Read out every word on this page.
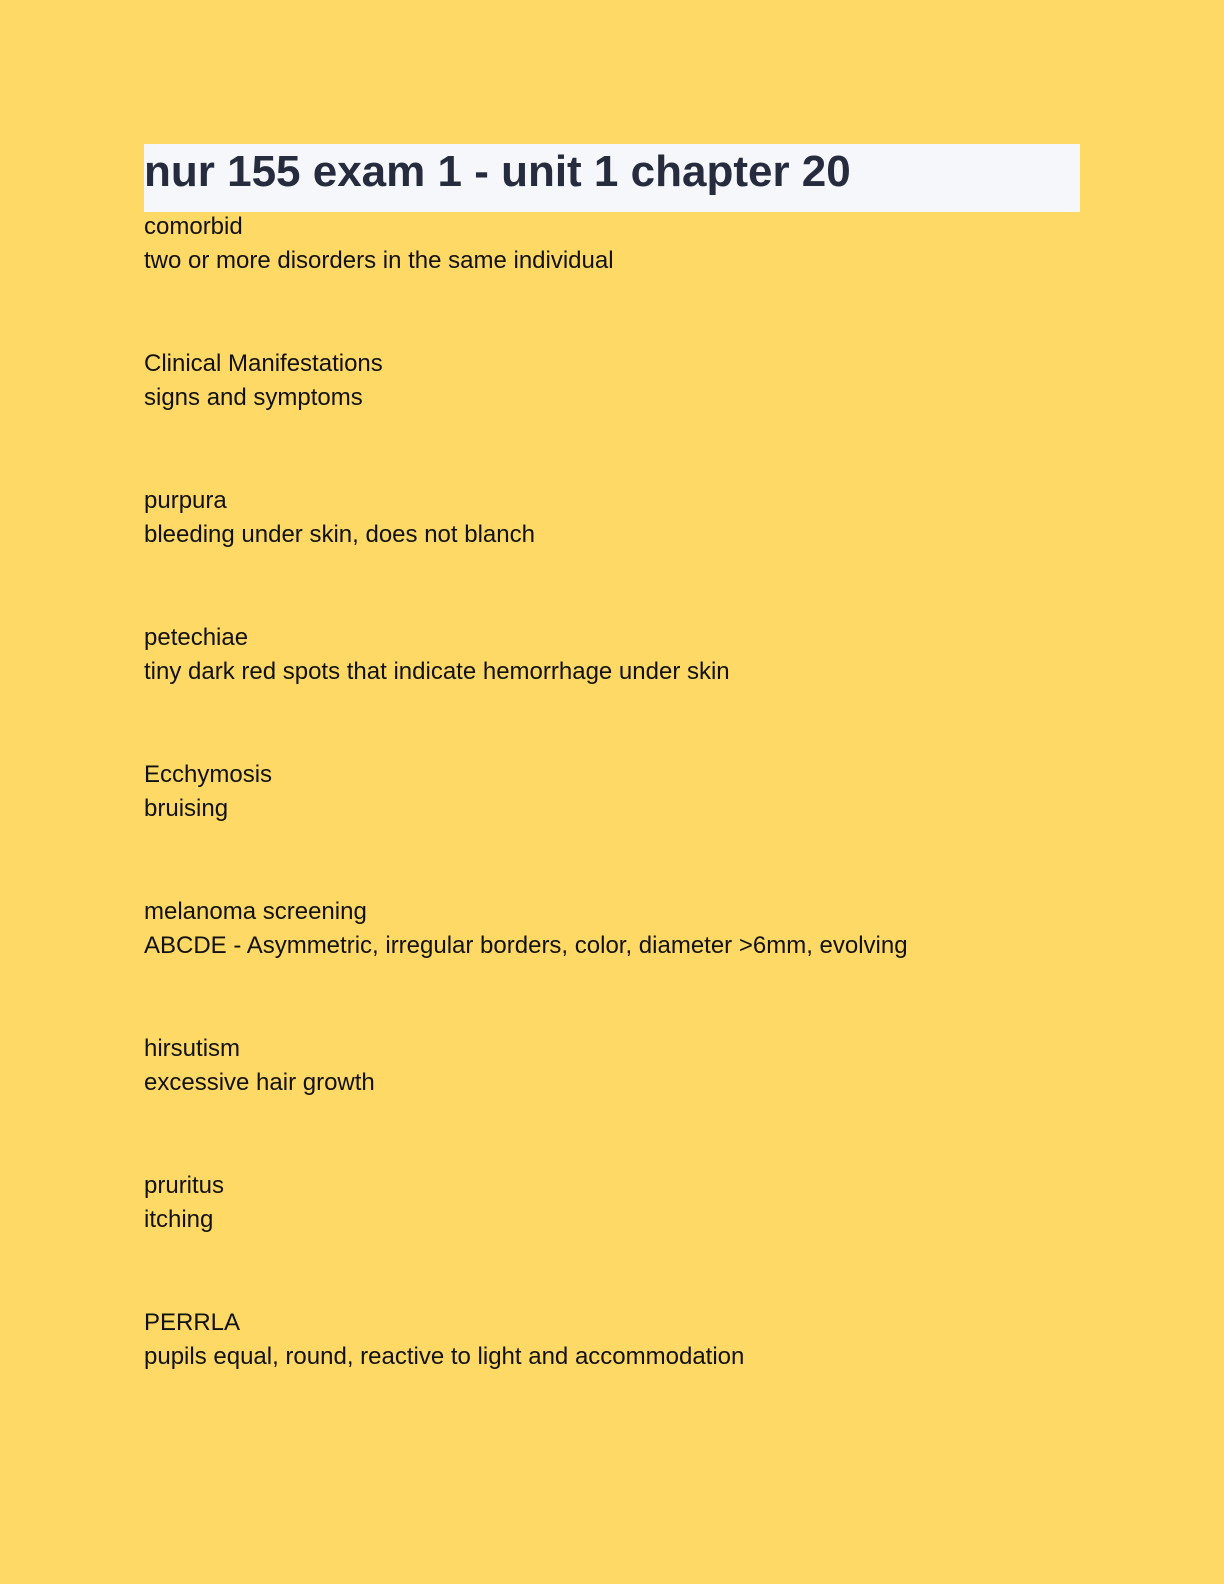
nur 155 exam 1 - unit 1 chapter 20
comorbid
two or more disorders in the same individual
Clinical Manifestations
signs and symptoms
purpura
bleeding under skin, does not blanch
petechiae
tiny dark red spots that indicate hemorrhage under skin
Ecchymosis
bruising
melanoma screening
ABCDE - Asymmetric, irregular borders, color, diameter >6mm, evolving
hirsutism
excessive hair growth
pruritus
itching
PERRLA
pupils equal, round, reactive to light and accommodation
